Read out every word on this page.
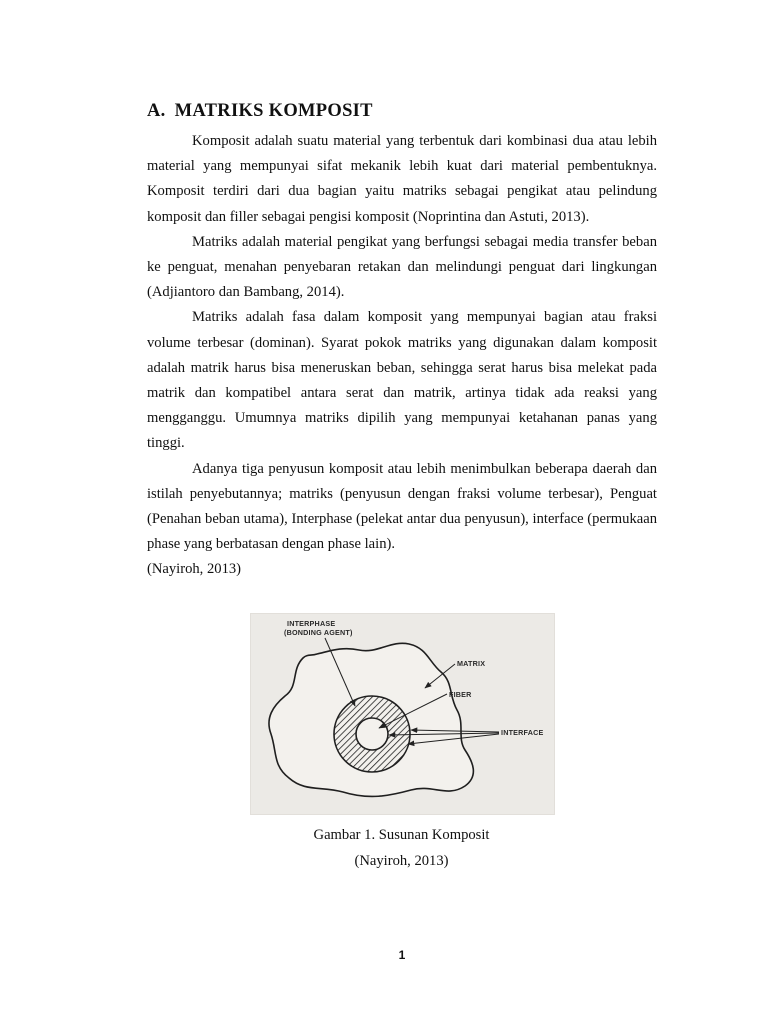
A. MATRIKS KOMPOSIT

Komposit adalah suatu material yang terbentuk dari kombinasi dua atau lebih material yang mempunyai sifat mekanik lebih kuat dari material pembentuknya. Komposit terdiri dari dua bagian yaitu matriks sebagai pengikat atau pelindung komposit dan filler sebagai pengisi komposit (Noprintina dan Astuti, 2013).

Matriks adalah material pengikat yang berfungsi sebagai media transfer beban ke penguat, menahan penyebaran retakan dan melindungi penguat dari lingkungan (Adjiantoro dan Bambang, 2014).

Matriks adalah fasa dalam komposit yang mempunyai bagian atau fraksi volume terbesar (dominan). Syarat pokok matriks yang digunakan dalam komposit adalah matrik harus bisa meneruskan beban, sehingga serat harus bisa melekat pada matrik dan kompatibel antara serat dan matrik, artinya tidak ada reaksi yang mengganggu. Umumnya matriks dipilih yang mempunyai ketahanan panas yang tinggi.

Adanya tiga penyusun komposit atau lebih menimbulkan beberapa daerah dan istilah penyebutannya; matriks (penyusun dengan fraksi volume terbesar), Penguat (Penahan beban utama), Interphase (pelekat antar dua penyusun), interface (permukaan phase yang berbatasan dengan phase lain).

(Nayiroh, 2013)

INTERPHASE
(BONDING AGENT)
MATRIX
FIBER
INTERFACE
Gambar 1. Susunan Komposit
(Nayiroh, 2013)
1
